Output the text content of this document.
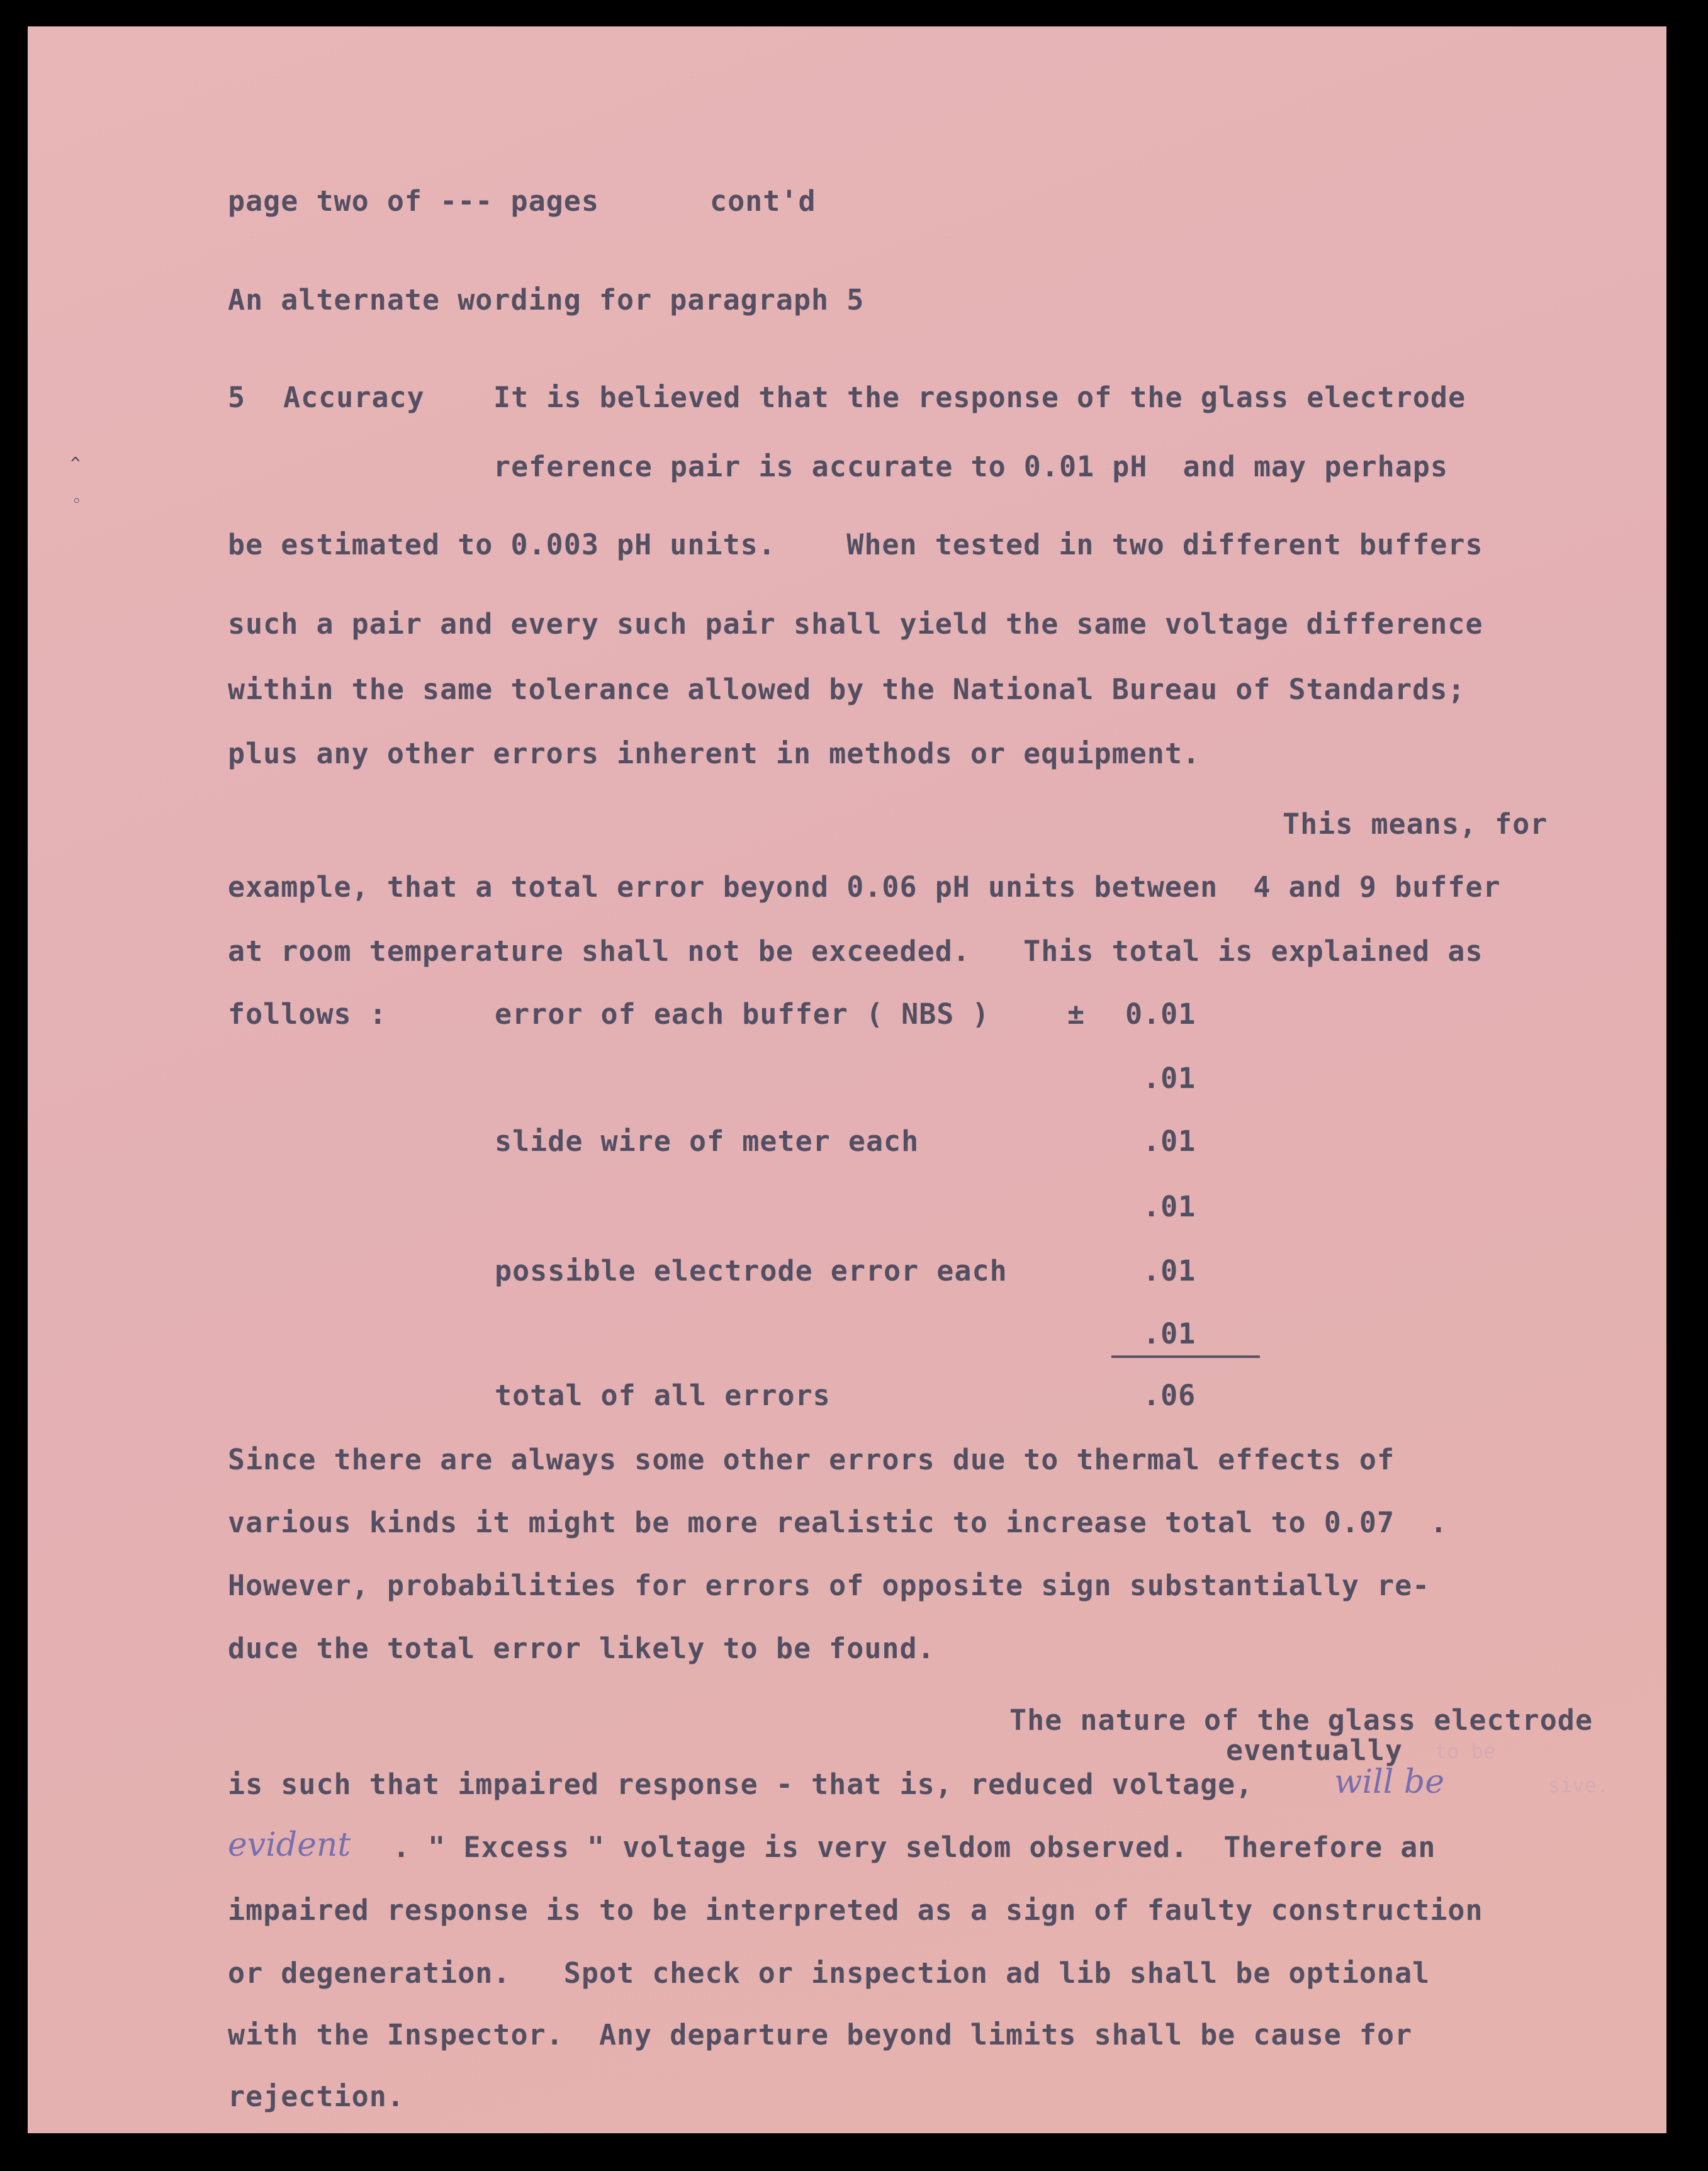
^
◦
page two of --- pages	cont'd
An alternate wording for paragraph 5
5 Accuracy It is believed that the response of the glass electrode
reference pair is accurate to 0.01 pH  and may perhaps
be estimated to 0.003 pH units.    When tested in two different buffers
such a pair and every such pair shall yield the same voltage difference
within the same tolerance allowed by the National Bureau of Standards;
plus any other errors inherent in methods or equipment.
This means, for
example, that a total error beyond 0.06 pH units between  4 and 9 buffer
at room temperature shall not be exceeded.   This total is explained as
follows :	error of each buffer ( NBS )	± 0.01
.01
slide wire of meter each	.01
.01
possible electrode error each	.01
.01
total of all errors	.06
Since there are always some other errors due to thermal effects of
various kinds it might be more realistic to increase total to 0.07  .
However, probabilities for errors of opposite sign substantially re-
duce the total error likely to be found.
The nature of the glass electrode
eventually to be
is such that impaired response - that is, reduced voltage, will be	sive.
evident . " Excess " voltage is very seldom observed.  Therefore an
impaired response is to be interpreted as a sign of faulty construction
or degeneration.   Spot check or inspection ad lib shall be optional
with the Inspector.  Any departure beyond limits shall be cause for
rejection.
